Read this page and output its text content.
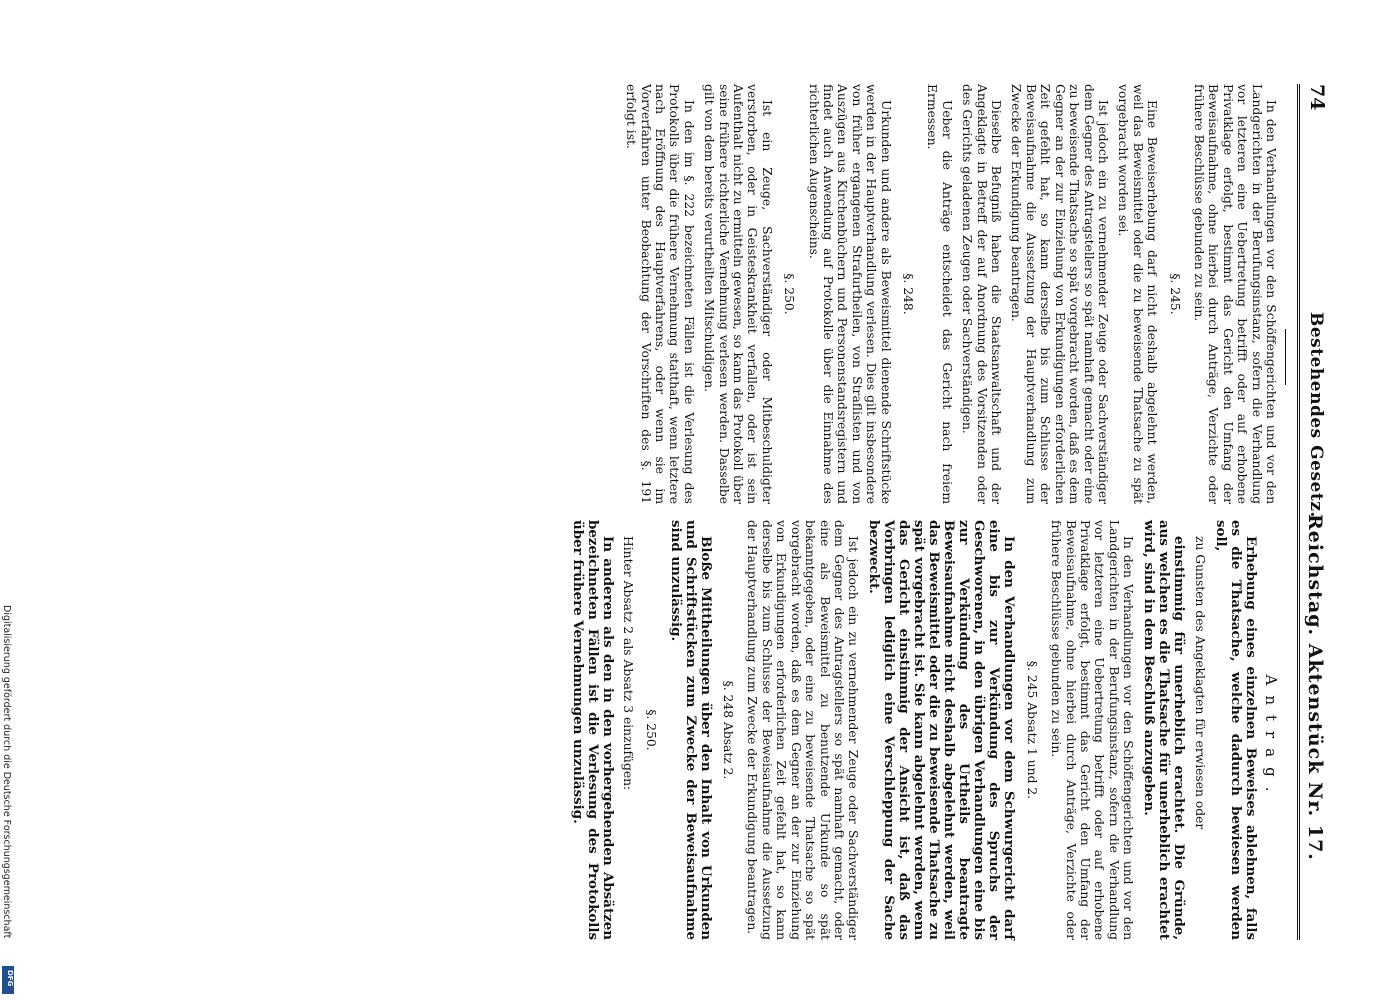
74
Bestehendes Gesetz.
Reichstag. Aktenstück Nr. 17.

In den Verhandlungen vor den Schöffengerichten und vor den Landgerichten in der Berufungsinstanz, sofern die Verhandlung vor letzteren eine Uebertretung betrifft oder auf erhobene Privatklage erfolgt, bestimmt das Gericht den Umfang der Beweisaufnahme, ohne hierbei durch Anträge, Verzichte oder frühere Beschlüsse gebunden zu sein.

§. 245.

Eine Beweiserhebung darf nicht deshalb abgelehnt werden, weil das Beweismittel oder die zu beweisende Thatsache zu spät vorgebracht worden sei.

Ist jedoch ein zu vernehmender Zeuge oder Sachverständiger dem Gegner des Antragstellers so spät namhaft gemacht oder eine zu beweisende Thatsache so spät vorgebracht worden, daß es dem Gegner an der zur Einziehung von Erkundigungen erforderlichen Zeit gefehlt hat, so kann derselbe bis zum Schlusse der Beweisaufnahme die Aussetzung der Hauptverhandlung zum Zwecke der Erkundigung beantragen.

Dieselbe Befugniß haben die Staatsanwaltschaft und der Angeklagte in Betreff der auf Anordnung des Vorsitzenden oder des Gerichts geladenen Zeugen oder Sachverständigen.

Ueber die Anträge entscheidet das Gericht nach freiem Ermessen.

§. 248.

Urkunden und andere als Beweismittel dienende Schriftstücke werden in der Hauptverhandlung verlesen. Dies gilt insbesondere von früher ergangenen Strafurtheilen, von Straflisten und von Auszügen aus Kirchenbüchern und Personenstandsregistern und findet auch Anwendung auf Protokolle über die Einnahme des richterlichen Augenscheins.

§. 250.

Ist ein Zeuge, Sachverständiger oder Mitbeschuldigter verstorben, oder in Geisteskrankheit verfallen, oder ist sein Aufenthalt nicht zu ermitteln gewesen, so kann das Protokoll über seine frühere richterliche Vernehmung verlesen werden. Dasselbe gilt von dem bereits verurtheilten Mitschuldigen.

In den im §. 222 bezeichneten Fällen ist die Verlesung des Protokolls über die frühere Vernehmung statthaft, wenn letztere nach Eröffnung des Hauptverfahrens, oder wenn sie im Vorverfahren unter Beobachtung der Vorschriften des §. 191 erfolgt ist.

Antrag.

Erhebung eines einzelnen Beweises ablehnen, falls es die Thatsache, welche dadurch bewiesen werden soll,

zu Gunsten des Angeklagten für erwiesen oder

einstimmig für unerheblich erachtet. Die Gründe, aus welchen es die Thatsache für unerheblich erachtet wird, sind in dem Beschluß anzugeben.

In den Verhandlungen vor den Schöffengerichten und vor den Landgerichten in der Berufungsinstanz, sofern die Verhandlung vor letzteren eine Uebertretung betrifft oder auf erhobene Privatklage erfolgt, bestimmt das Gericht den Umfang der Beweisaufnahme, ohne hierbei durch Anträge, Verzichte oder frühere Beschlüsse gebunden zu sein.

§. 245 Absatz 1 und 2.

In den Verhandlungen vor dem Schwurgericht darf eine bis zur Verkündung des Spruchs der Geschworenen, in den übrigen Verhandlungen eine bis zur Verkündung des Urtheils beantragte Beweisaufnahme nicht deshalb abgelehnt werden, weil das Beweismittel oder die zu beweisende Thatsache zu spät vorgebracht ist. Sie kann abgelehnt werden, wenn das Gericht einstimmig der Ansicht ist, daß das Vorbringen lediglich eine Verschleppung der Sache bezweckt.

Ist jedoch ein zu vernehmender Zeuge oder Sachverständiger dem Gegner des Antragstellers so spät namhaft gemacht, oder eine als Beweismittel zu benutzende Urkunde so spät bekanntgegeben, oder eine zu beweisende Thatsache so spät vorgebracht worden, daß es dem Gegner an der zur Einziehung von Erkundigungen erforderlichen Zeit gefehlt hat, so kann derselbe bis zum Schlusse der Beweisaufnahme die Aussetzung der Hauptverhandlung zum Zwecke der Erkundigung beantragen.

§. 248 Absatz 2.

Bloße Mittheilungen über den Inhalt von Urkunden und Schriftstücken zum Zwecke der Beweisaufnahme sind unzulässig.

§. 250.

Hinter Absatz 2 als Absatz 3 einzufügen:

In anderen als den in den vorhergehenden Absätzen bezeichneten Fällen ist die Verlesung des Protokolls über frühere Vernehmungen unzulässig.

Digitalisierung gefördert durch die Deutsche Forschungsgemeinschaft
DFG
